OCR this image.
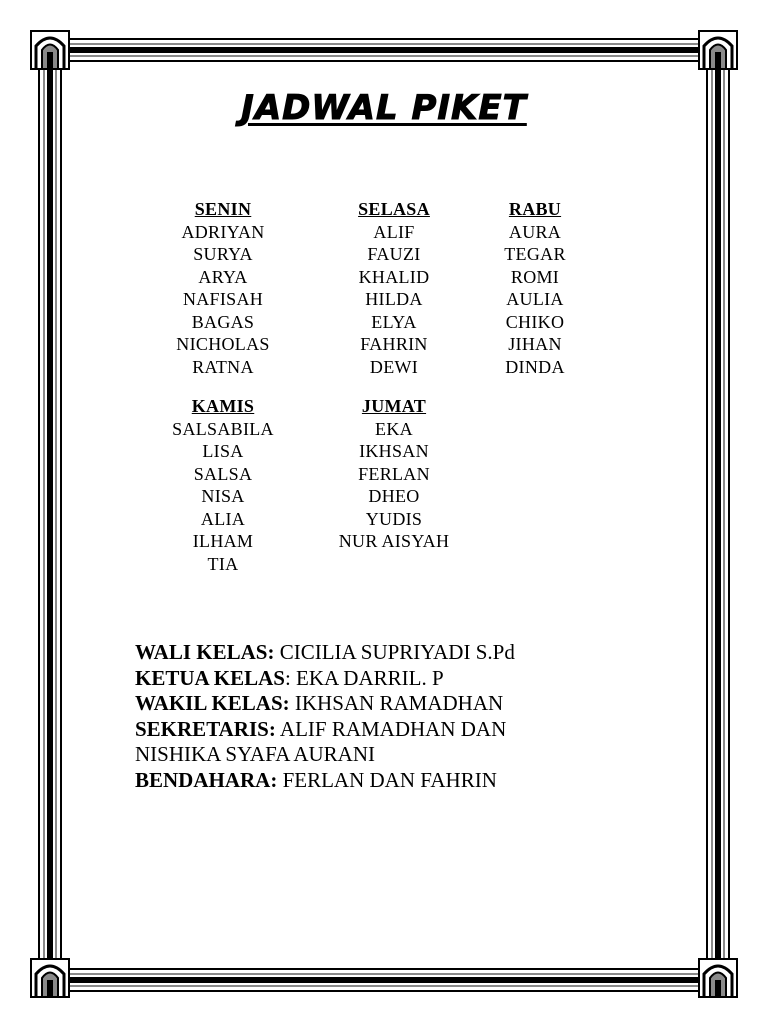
JADWAL PIKET
SENIN
ADRIYAN
SURYA
ARYA
NAFISAH
BAGAS
NICHOLAS
RATNA
SELASA
ALIF
FAUZI
KHALID
HILDA
ELYA
FAHRIN
DEWI
RABU
AURA
TEGAR
ROMI
AULIA
CHIKO
JIHAN
DINDA
KAMIS
SALSABILA
LISA
SALSA
NISA
ALIA
ILHAM
TIA
JUMAT
EKA
IKHSAN
FERLAN
DHEO
YUDIS
NUR AISYAH
WALI KELAS: CICILIA SUPRIYADI S.Pd
KETUA KELAS: EKA DARRIL. P
WAKIL KELAS: IKHSAN RAMADHAN
SEKRETARIS: ALIF RAMADHAN DAN
NISHIKA SYAFA AURANI
BENDAHARA: FERLAN DAN FAHRIN
